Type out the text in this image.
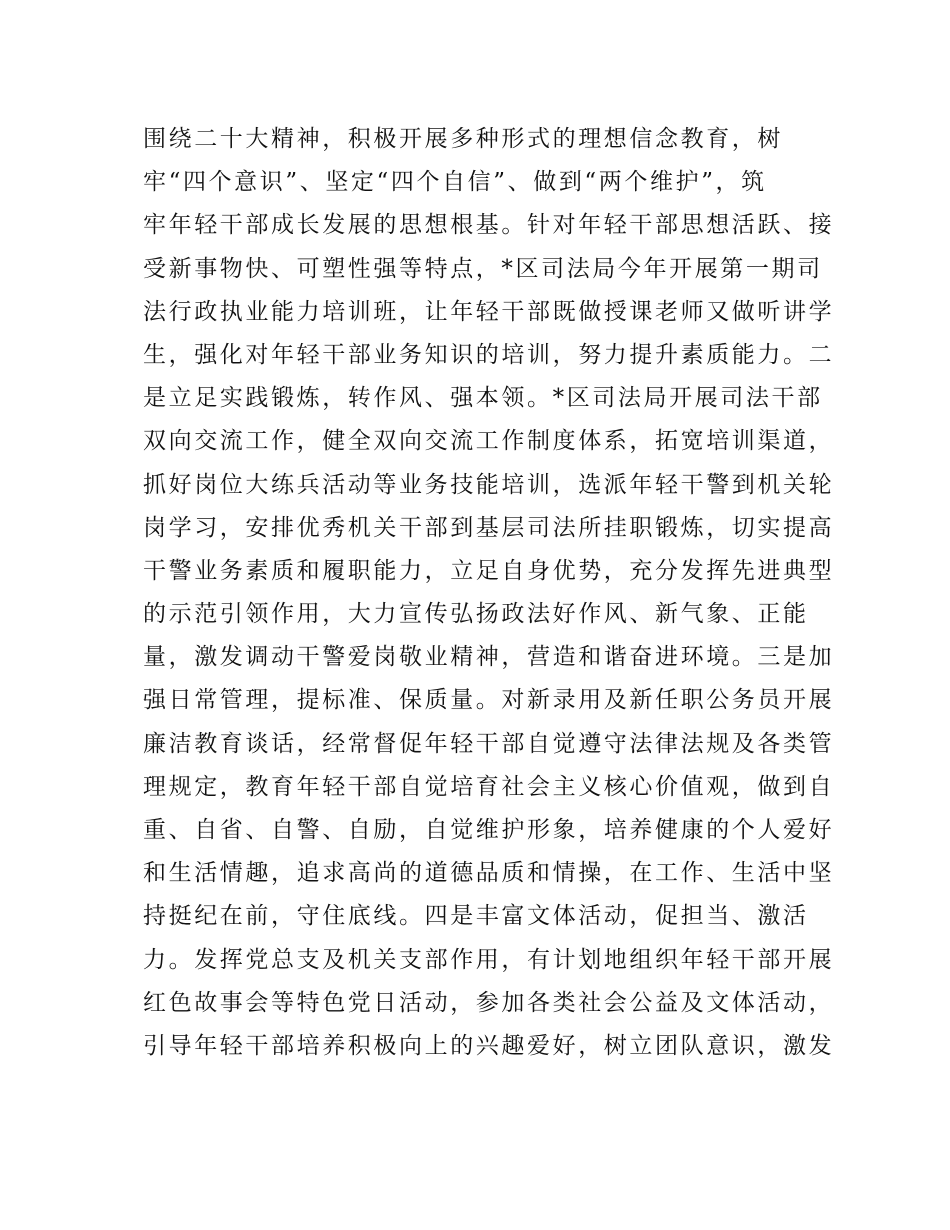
围绕二十大精神，积极开展多种形式的理想信念教育，树
牢“四个意识”、坚定“四个自信”、做到“两个维护”，筑
牢年轻干部成长发展的思想根基。针对年轻干部思想活跃、接
受新事物快、可塑性强等特点，*区司法局今年开展第一期司
法行政执业能力培训班，让年轻干部既做授课老师又做听讲学
生，强化对年轻干部业务知识的培训，努力提升素质能力。二
是立足实践锻炼，转作风、强本领。*区司法局开展司法干部
双向交流工作，健全双向交流工作制度体系，拓宽培训渠道，
抓好岗位大练兵活动等业务技能培训，选派年轻干警到机关轮
岗学习，安排优秀机关干部到基层司法所挂职锻炼，切实提高
干警业务素质和履职能力，立足自身优势，充分发挥先进典型
的示范引领作用，大力宣传弘扬政法好作风、新气象、正能
量，激发调动干警爱岗敬业精神，营造和谐奋进环境。三是加
强日常管理，提标准、保质量。对新录用及新任职公务员开展
廉洁教育谈话，经常督促年轻干部自觉遵守法律法规及各类管
理规定，教育年轻干部自觉培育社会主义核心价值观，做到自
重、自省、自警、自励，自觉维护形象，培养健康的个人爱好
和生活情趣，追求高尚的道德品质和情操，在工作、生活中坚
持挺纪在前，守住底线。四是丰富文体活动，促担当、激活
力。发挥党总支及机关支部作用，有计划地组织年轻干部开展
红色故事会等特色党日活动，参加各类社会公益及文体活动，
引导年轻干部培养积极向上的兴趣爱好，树立团队意识，激发
